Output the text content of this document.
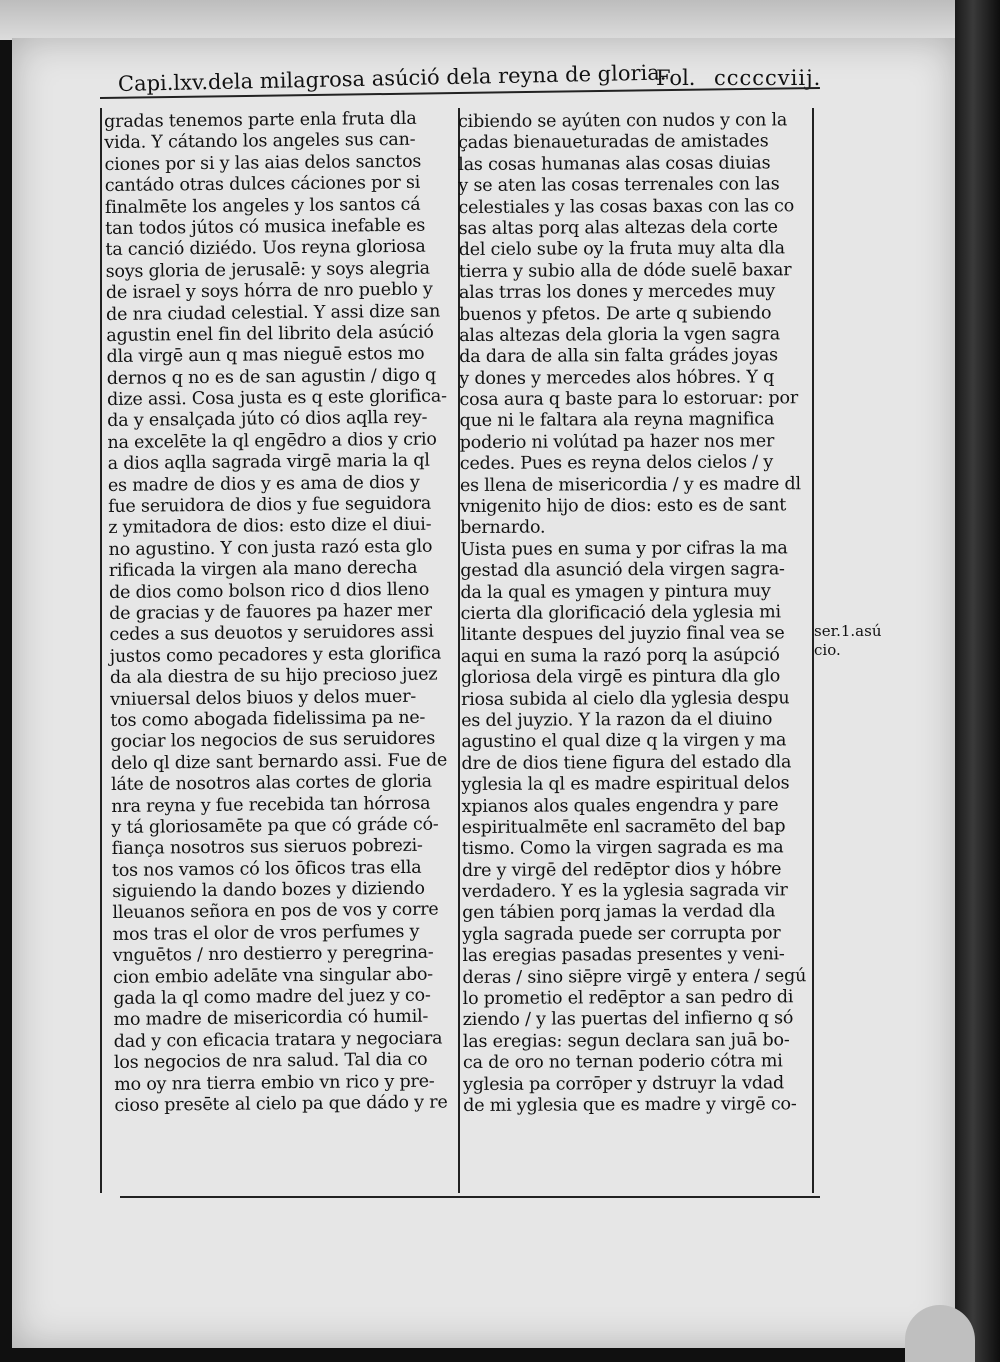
Capi.lxv.dela milagrosa asúció dela reyna de gloria.
Fol. cccccviij.
gradas tenemos parte enla fruta dla
vida. Y cátando los angeles sus can-
ciones por si y las aias delos sanctos
cantádo otras dulces cáciones por si
finalmēte los angeles y los santos cá
tan todos jútos có musica inefable es
ta canció diziédo. Uos reyna gloriosa
soys gloria de jerusalē: y soys alegria
de israel y soys hórra de nro pueblo y
de nra ciudad celestial. Y assi dize san
agustin enel fin del librito dela asúció
dla virgē aun q mas nieguē estos mo
dernos q no es de san agustin / digo q
dize assi. Cosa justa es q este glorifica-
da y ensalçada júto có dios aqlla rey-
na excelēte la ql engēdro a dios y crio
a dios aqlla sagrada virgē maria la ql
es madre de dios y es ama de dios y
fue seruidora de dios y fue seguidora
z ymitadora de dios: esto dize el diui-
no agustino. Y con justa razó esta glo
rificada la virgen ala mano derecha
de dios como bolson rico d dios lleno
de gracias y de fauores pa hazer mer
cedes a sus deuotos y seruidores assi
justos como pecadores y esta glorifica
da ala diestra de su hijo precioso juez
vniuersal delos biuos y delos muer-
tos como abogada fidelissima pa ne-
gociar los negocios de sus seruidores
delo ql dize sant bernardo assi. Fue de
láte de nosotros alas cortes de gloria
nra reyna y fue recebida tan hórrosa
y tá gloriosamēte pa que có gráde có-
fiança nosotros sus sieruos pobrezi-
tos nos vamos có los ōficos tras ella
siguiendo la dando bozes y diziendo
lleuanos señora en pos de vos y corre
mos tras el olor de vros perfumes y
vnguētos / nro destierro y peregrina-
cion embio adelāte vna singular abo-
gada la ql como madre del juez y co-
mo madre de misericordia có humil-
dad y con eficacia tratara y negociara
los negocios de nra salud. Tal dia co
mo oy nra tierra embio vn rico y pre-
cioso presēte al cielo pa que dádo y re
cibiendo se ayúten con nudos y con la
çadas bienaueturadas de amistades
las cosas humanas alas cosas diuias
y se aten las cosas terrenales con las
celestiales y las cosas baxas con las co
sas altas porq alas altezas dela corte
del cielo sube oy la fruta muy alta dla
tierra y subio alla de dóde suelē baxar
alas trras los dones y mercedes muy
buenos y pfetos. De arte q subiendo
alas altezas dela gloria la vgen sagra
da dara de alla sin falta grádes joyas
y dones y mercedes alos hóbres. Y q
cosa aura q baste para lo estoruar: por
que ni le faltara ala reyna magnifica
poderio ni volútad pa hazer nos mer
cedes. Pues es reyna delos cielos / y
es llena de misericordia / y es madre dl
vnigenito hijo de dios: esto es de sant
bernardo.
Uista pues en suma y por cifras la ma
gestad dla asunció dela virgen sagra-
da la qual es ymagen y pintura muy
cierta dla glorificació dela yglesia mi
litante despues del juyzio final vea se
aqui en suma la razó porq la asúpció
gloriosa dela virgē es pintura dla glo
riosa subida al cielo dla yglesia despu
es del juyzio. Y la razon da el diuino
agustino el qual dize q la virgen y ma
dre de dios tiene figura del estado dla
yglesia la ql es madre espiritual delos
xpianos alos quales engendra y pare
espiritualmēte enl sacramēto del bap
tismo. Como la virgen sagrada es ma
dre y virgē del redēptor dios y hóbre
verdadero. Y es la yglesia sagrada vir
gen tábien porq jamas la verdad dla
ygla sagrada puede ser corrupta por
las eregias pasadas presentes y veni-
deras / sino siēpre virgē y entera / segú
lo prometio el redēptor a san pedro di
ziendo / y las puertas del infierno q só
las eregias: segun declara san juā bo-
ca de oro no ternan poderio cótra mi
yglesia pa corrōper y dstruyr la vdad
de mi yglesia que es madre y virgē co-
ser.1.asú
cio.
